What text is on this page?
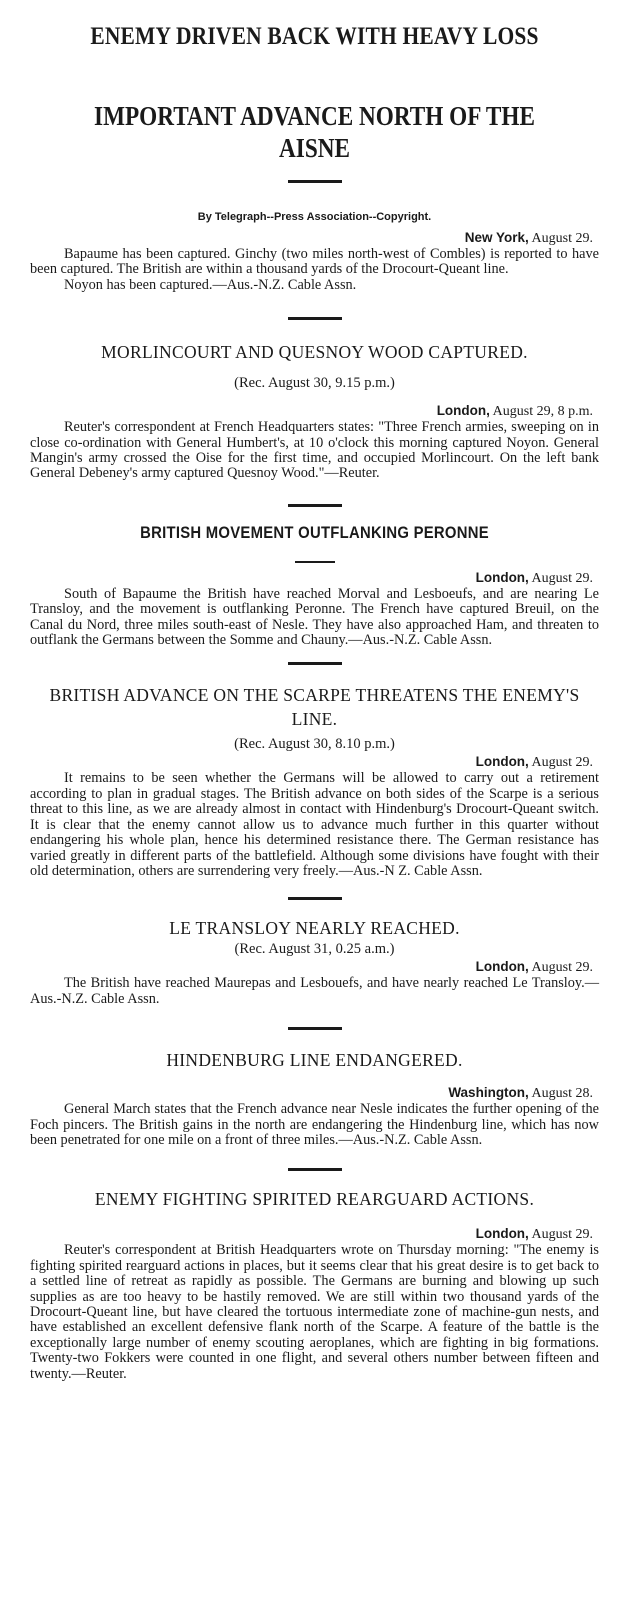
ENEMY DRIVEN BACK WITH HEAVY LOSS
IMPORTANT ADVANCE NORTH OF THE AISNE

By Telegraph--Press Association--Copyright.

New York, August 29.

Bapaume has been captured. Ginchy (two miles north-west of Combles) is reported to have been captured. The British are within a thousand yards of the Drocourt-Queant line.

Noyon has been captured.—Aus.-N.Z. Cable Assn.

MORLINCOURT AND QUESNOY WOOD CAPTURED.

(Rec. August 30, 9.15 p.m.)

London, August 29, 8 p.m.

Reuter's correspondent at French Headquarters states: "Three French armies, sweeping on in close co-ordination with General Humbert's, at 10 o'clock this morning captured Noyon. General Mangin's army crossed the Oise for the first time, and occupied Morlincourt. On the left bank General Debeney's army captured Quesnoy Wood."—Reuter.

BRITISH MOVEMENT OUTFLANKING PERONNE

London, August 29.

South of Bapaume the British have reached Morval and Lesboeufs, and are nearing Le Transloy, and the movement is outflanking Peronne. The French have captured Breuil, on the Canal du Nord, three miles south-east of Nesle. They have also approached Ham, and threaten to outflank the Germans between the Somme and Chauny.—Aus.-N.Z. Cable Assn.

BRITISH ADVANCE ON THE SCARPE THREATENS THE ENEMY'S LINE.

(Rec. August 30, 8.10 p.m.)

London, August 29.

It remains to be seen whether the Germans will be allowed to carry out a retirement according to plan in gradual stages. The British advance on both sides of the Scarpe is a serious threat to this line, as we are already almost in contact with Hindenburg's Drocourt-Queant switch. It is clear that the enemy cannot allow us to advance much further in this quarter without endangering his whole plan, hence his determined resistance there. The German resistance has varied greatly in different parts of the battlefield. Although some divisions have fought with their old determination, others are surrendering very freely.—Aus.-N Z. Cable Assn.

LE TRANSLOY NEARLY REACHED.

(Rec. August 31, 0.25 a.m.)

London, August 29.

The British have reached Maurepas and Lesbouefs, and have nearly reached Le Transloy.—Aus.-N.Z. Cable Assn.

HINDENBURG LINE ENDANGERED.

Washington, August 28.

General March states that the French advance near Nesle indicates the further opening of the Foch pincers. The British gains in the north are endangering the Hindenburg line, which has now been penetrated for one mile on a front of three miles.—Aus.-N.Z. Cable Assn.

ENEMY FIGHTING SPIRITED REARGUARD ACTIONS.

London, August 29.

Reuter's correspondent at British Headquarters wrote on Thursday morning: "The enemy is fighting spirited rearguard actions in places, but it seems clear that his great desire is to get back to a settled line of retreat as rapidly as possible. The Germans are burning and blowing up such supplies as are too heavy to be hastily removed. We are still within two thousand yards of the Drocourt-Queant line, but have cleared the tortuous intermediate zone of machine-gun nests, and have established an excellent defensive flank north of the Scarpe. A feature of the battle is the exceptionally large number of enemy scouting aeroplanes, which are fighting in big formations. Twenty-two Fokkers were counted in one flight, and several others number between fifteen and twenty.—Reuter.
